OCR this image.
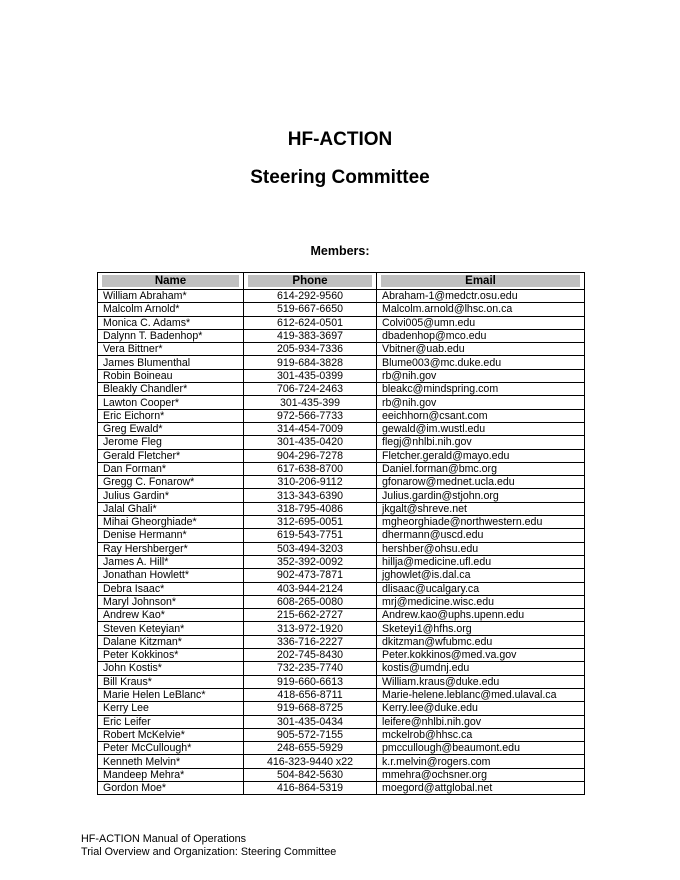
HF-ACTION
Steering Committee
Members:
Name	Phone	Email

William Abraham*	614-292-9560	Abraham-1@medctr.osu.edu
Malcolm Arnold*	519-667-6650	Malcolm.arnold@lhsc.on.ca
Monica C. Adams*	612-624-0501	Colvi005@umn.edu
Dalynn T. Badenhop*	419-383-3697	dbadenhop@mco.edu
Vera Bittner*	205-934-7336	Vbitner@uab.edu
James Blumenthal	919-684-3828	Blume003@mc.duke.edu
Robin Boineau	301-435-0399	rb@nih.gov
Bleakly Chandler*	706-724-2463	bleakc@mindspring.com
Lawton Cooper*	301-435-399	rb@nih.gov
Eric Eichorn*	972-566-7733	eeichhorn@csant.com
Greg Ewald*	314-454-7009	gewald@im.wustl.edu
Jerome Fleg	301-435-0420	flegj@nhlbi.nih.gov
Gerald Fletcher*	904-296-7278	Fletcher.gerald@mayo.edu
Dan Forman*	617-638-8700	Daniel.forman@bmc.org
Gregg C. Fonarow*	310-206-9112	gfonarow@mednet.ucla.edu
Julius Gardin*	313-343-6390	Julius.gardin@stjohn.org
Jalal Ghali*	318-795-4086	jkgalt@shreve.net
Mihai Gheorghiade*	312-695-0051	mgheorghiade@northwestern.edu
Denise Hermann*	619-543-7751	dhermann@uscd.edu
Ray Hershberger*	503-494-3203	hershber@ohsu.edu
James A. Hill*	352-392-0092	hillja@medicine.ufl.edu
Jonathan Howlett*	902-473-7871	jghowlet@is.dal.ca
Debra Isaac*	403-944-2124	dlisaac@ucalgary.ca
Maryl Johnson*	608-265-0080	mrj@medicine.wisc.edu
Andrew Kao*	215-662-2727	Andrew.kao@uphs.upenn.edu
Steven Keteyian*	313-972-1920	Sketeyi1@hfhs.org
Dalane Kitzman*	336-716-2227	dkitzman@wfubmc.edu
Peter Kokkinos*	202-745-8430	Peter.kokkinos@med.va.gov
John Kostis*	732-235-7740	kostis@umdnj.edu
Bill Kraus*	919-660-6613	William.kraus@duke.edu
Marie Helen LeBlanc*	418-656-8711	Marie-helene.leblanc@med.ulaval.ca
Kerry Lee	919-668-8725	Kerry.lee@duke.edu
Eric Leifer	301-435-0434	leifere@nhlbi.nih.gov
Robert McKelvie*	905-572-7155	mckelrob@hhsc.ca
Peter McCullough*	248-655-5929	pmccullough@beaumont.edu
Kenneth Melvin*	416-323-9440 x22	k.r.melvin@rogers.com
Mandeep Mehra*	504-842-5630	mmehra@ochsner.org
Gordon Moe*	416-864-5319	moegord@attglobal.net
HF-ACTION Manual of Operations
Trial Overview and Organization: Steering Committee
